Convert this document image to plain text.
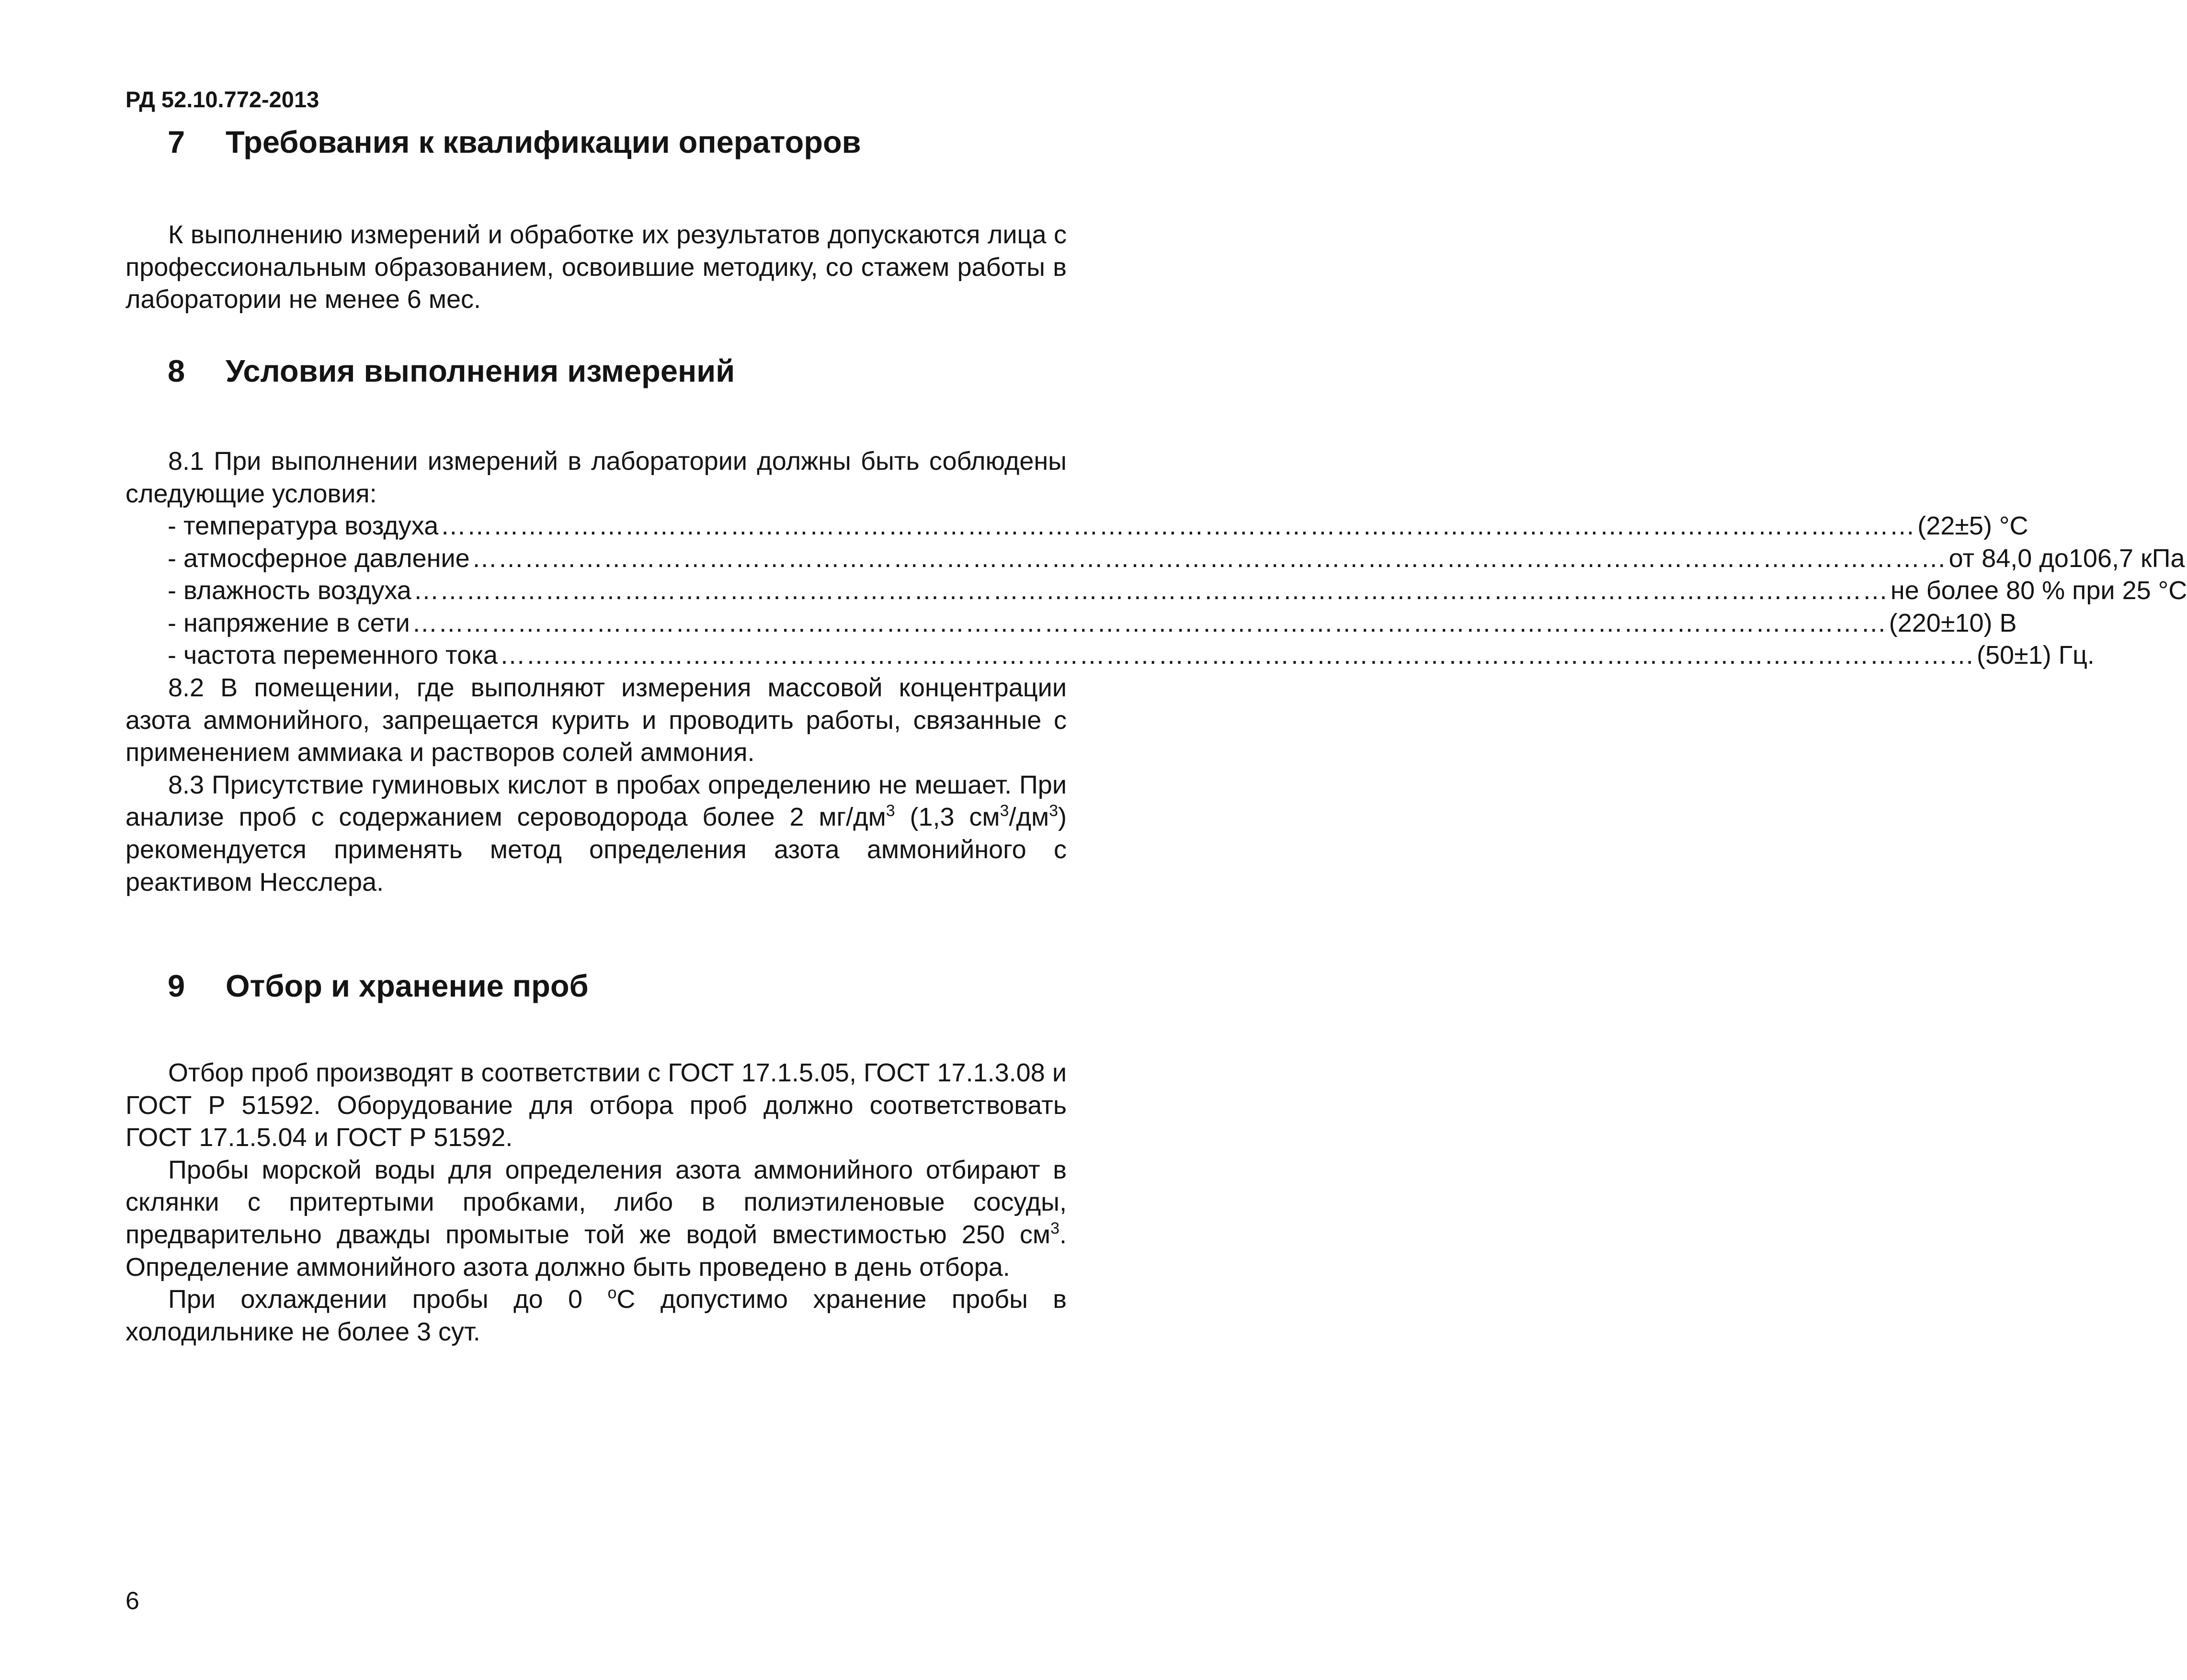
РД 52.10.772-2013
7 Требования к квалификации операторов

К выполнению измерений и обработке их результатов допускаются лица с профессиональным образованием, освоившие методику, со стажем работы в лаборатории не менее 6 мес.

8 Условия выполнения измерений

8.1 При выполнении измерений в лаборатории должны быть соблюдены следующие условия:

- температура воздуха …………………………………………………………………………………………………………………………………………………… (22±5) °С
- атмосферное давление …………………………………………………………………………………………………………………………………………………… от 84,0 до106,7 кПа
- влажность воздуха …………………………………………………………………………………………………………………………………………………… не более 80 % при 25 °С
- напряжение в сети …………………………………………………………………………………………………………………………………………………… (220±10) В
- частота переменного тока …………………………………………………………………………………………………………………………………………………… (50±1) Гц.

8.2 В помещении, где выполняют измерения массовой концентрации азота аммонийного, запрещается курить и проводить работы, связанные с применением аммиака и растворов солей аммония.

8.3 Присутствие гуминовых кислот в пробах определению не мешает. При анализе проб с содержанием сероводорода более 2 $мг/дм^3$ (1,3 $см^3/дм^3$) рекомендуется применять метод определения азота аммонийного с реактивом Несслера.

9 Отбор и хранение проб

Отбор проб производят в соответствии с ГОСТ 17.1.5.05, ГОСТ 17.1.3.08 и ГОСТ Р 51592. Оборудование для отбора проб должно соответствовать ГОСТ 17.1.5.04 и ГОСТ Р 51592.

Пробы морской воды для определения азота аммонийного отбирают в склянки с притертыми пробками, либо в полиэтиленовые сосуды, предварительно дважды промытые той же водой вместимостью 250 $см^3$. Определение аммонийного азота должно быть проведено в день отбора.

При охлаждении пробы до 0 $^о$С допустимо хранение пробы в холодильнике не более 3 сут.

6
